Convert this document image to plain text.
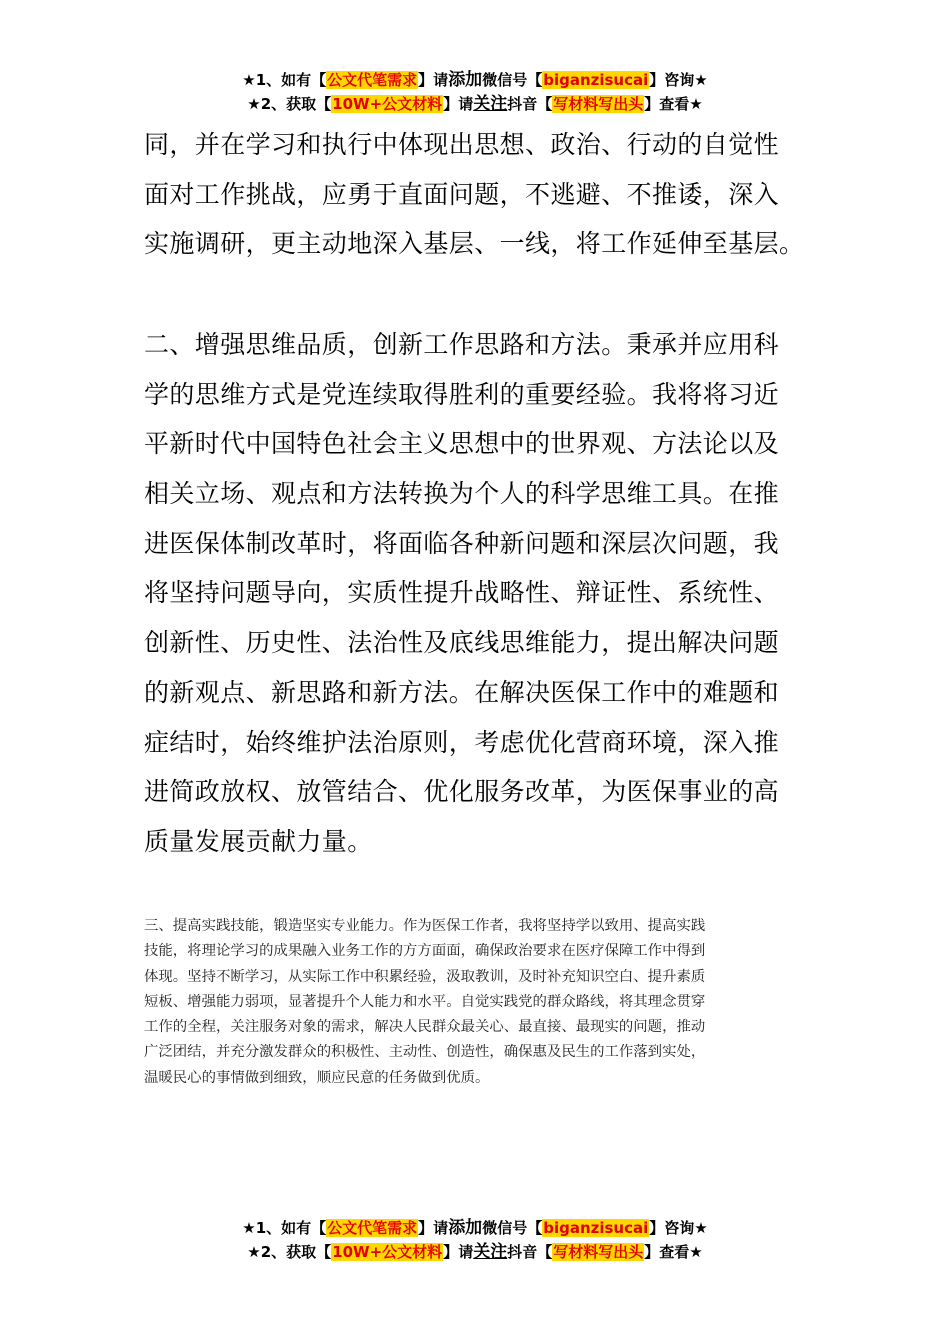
★1、如有【公文代笔需求】请添加微信号【biganzisucai】咨询★
★2、获取【10W+公文材料】请关注抖音【写材料写出头】查看★
同，并在学习和执行中体现出思想、政治、行动的自觉性
面对工作挑战，应勇于直面问题，不逃避、不推诿，深入
实施调研，更主动地深入基层、一线，将工作延伸至基层。
二、增强思维品质，创新工作思路和方法。秉承并应用科
学的思维方式是党连续取得胜利的重要经验。我将将习近
平新时代中国特色社会主义思想中的世界观、方法论以及
相关立场、观点和方法转换为个人的科学思维工具。在推
进医保体制改革时，将面临各种新问题和深层次问题，我
将坚持问题导向，实质性提升战略性、辩证性、系统性、
创新性、历史性、法治性及底线思维能力，提出解决问题
的新观点、新思路和新方法。在解决医保工作中的难题和
症结时，始终维护法治原则，考虑优化营商环境，深入推
进简政放权、放管结合、优化服务改革，为医保事业的高
质量发展贡献力量。
三、提高实践技能，锻造坚实专业能力。作为医保工作者，我将坚持学以致用、提高实践
技能，将理论学习的成果融入业务工作的方方面面，确保政治要求在医疗保障工作中得到
体现。坚持不断学习，从实际工作中积累经验，汲取教训，及时补充知识空白、提升素质
短板、增强能力弱项，显著提升个人能力和水平。自觉实践党的群众路线，将其理念贯穿
工作的全程，关注服务对象的需求，解决人民群众最关心、最直接、最现实的问题，推动
广泛团结，并充分激发群众的积极性、主动性、创造性，确保惠及民生的工作落到实处，
温暖民心的事情做到细致，顺应民意的任务做到优质。
★1、如有【公文代笔需求】请添加微信号【biganzisucai】咨询★
★2、获取【10W+公文材料】请关注抖音【写材料写出头】查看★
